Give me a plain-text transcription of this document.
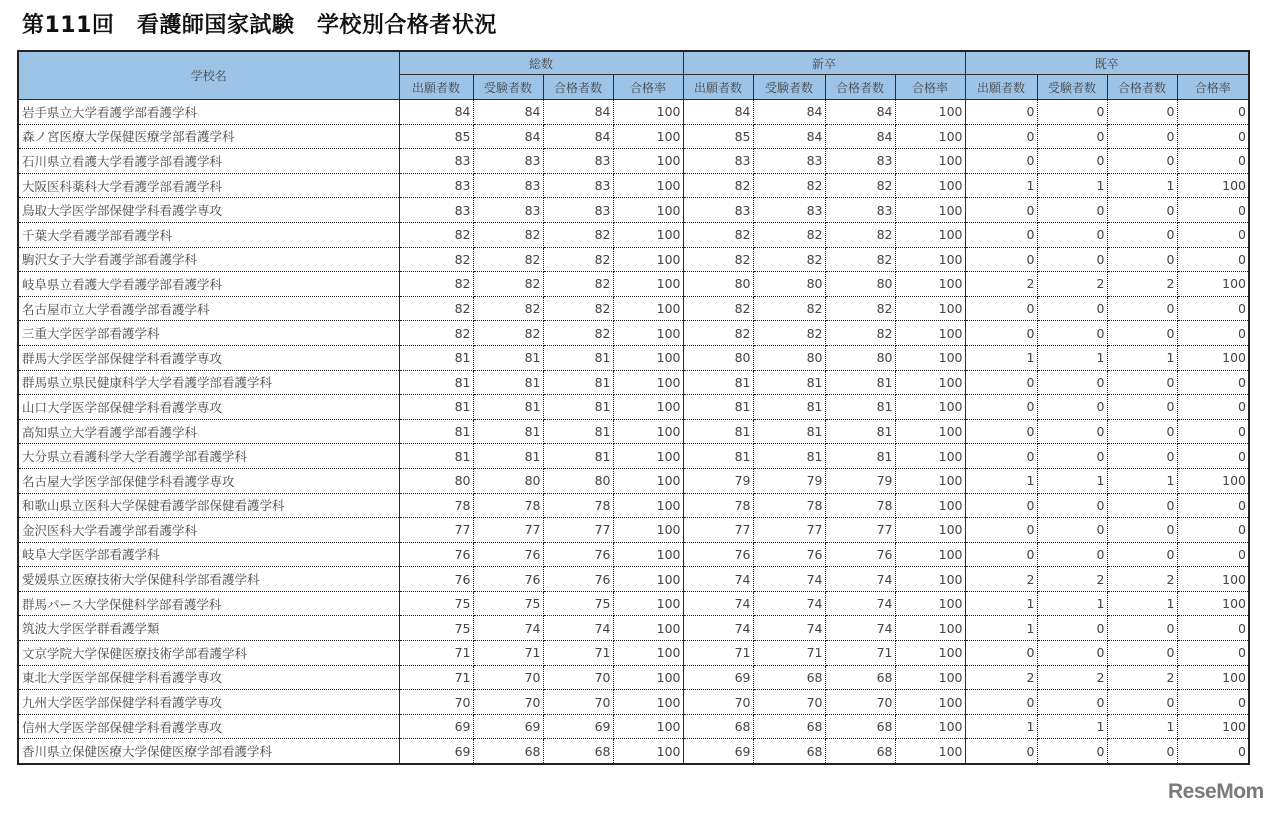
第111回　看護師国家試験　学校別合格者状況
学校名	総数				新卒				既卒			
	出願者数	受験者数	合格者数	合格率	出願者数	受験者数	合格者数	合格率	出願者数	受験者数	合格者数	合格率
岩手県立大学看護学部看護学科	84	84	84	100	84	84	84	100	0	0	0	0
森ノ宮医療大学保健医療学部看護学科	85	84	84	100	85	84	84	100	0	0	0	0
石川県立看護大学看護学部看護学科	83	83	83	100	83	83	83	100	0	0	0	0
大阪医科薬科大学看護学部看護学科	83	83	83	100	82	82	82	100	1	1	1	100
鳥取大学医学部保健学科看護学専攻	83	83	83	100	83	83	83	100	0	0	0	0
千葉大学看護学部看護学科	82	82	82	100	82	82	82	100	0	0	0	0
駒沢女子大学看護学部看護学科	82	82	82	100	82	82	82	100	0	0	0	0
岐阜県立看護大学看護学部看護学科	82	82	82	100	80	80	80	100	2	2	2	100
名古屋市立大学看護学部看護学科	82	82	82	100	82	82	82	100	0	0	0	0
三重大学医学部看護学科	82	82	82	100	82	82	82	100	0	0	0	0
群馬大学医学部保健学科看護学専攻	81	81	81	100	80	80	80	100	1	1	1	100
群馬県立県民健康科学大学看護学部看護学科	81	81	81	100	81	81	81	100	0	0	0	0
山口大学医学部保健学科看護学専攻	81	81	81	100	81	81	81	100	0	0	0	0
高知県立大学看護学部看護学科	81	81	81	100	81	81	81	100	0	0	0	0
大分県立看護科学大学看護学部看護学科	81	81	81	100	81	81	81	100	0	0	0	0
名古屋大学医学部保健学科看護学専攻	80	80	80	100	79	79	79	100	1	1	1	100
和歌山県立医科大学保健看護学部保健看護学科	78	78	78	100	78	78	78	100	0	0	0	0
金沢医科大学看護学部看護学科	77	77	77	100	77	77	77	100	0	0	0	0
岐阜大学医学部看護学科	76	76	76	100	76	76	76	100	0	0	0	0
愛媛県立医療技術大学保健科学部看護学科	76	76	76	100	74	74	74	100	2	2	2	100
群馬パース大学保健科学部看護学科	75	75	75	100	74	74	74	100	1	1	1	100
筑波大学医学群看護学類	75	74	74	100	74	74	74	100	1	0	0	0
文京学院大学保健医療技術学部看護学科	71	71	71	100	71	71	71	100	0	0	0	0
東北大学医学部保健学科看護学専攻	71	70	70	100	69	68	68	100	2	2	2	100
九州大学医学部保健学科看護学専攻	70	70	70	100	70	70	70	100	0	0	0	0
信州大学医学部保健学科看護学専攻	69	69	69	100	68	68	68	100	1	1	1	100
香川県立保健医療大学保健医療学部看護学科	69	68	68	100	69	68	68	100	0	0	0	0
ReseMom
